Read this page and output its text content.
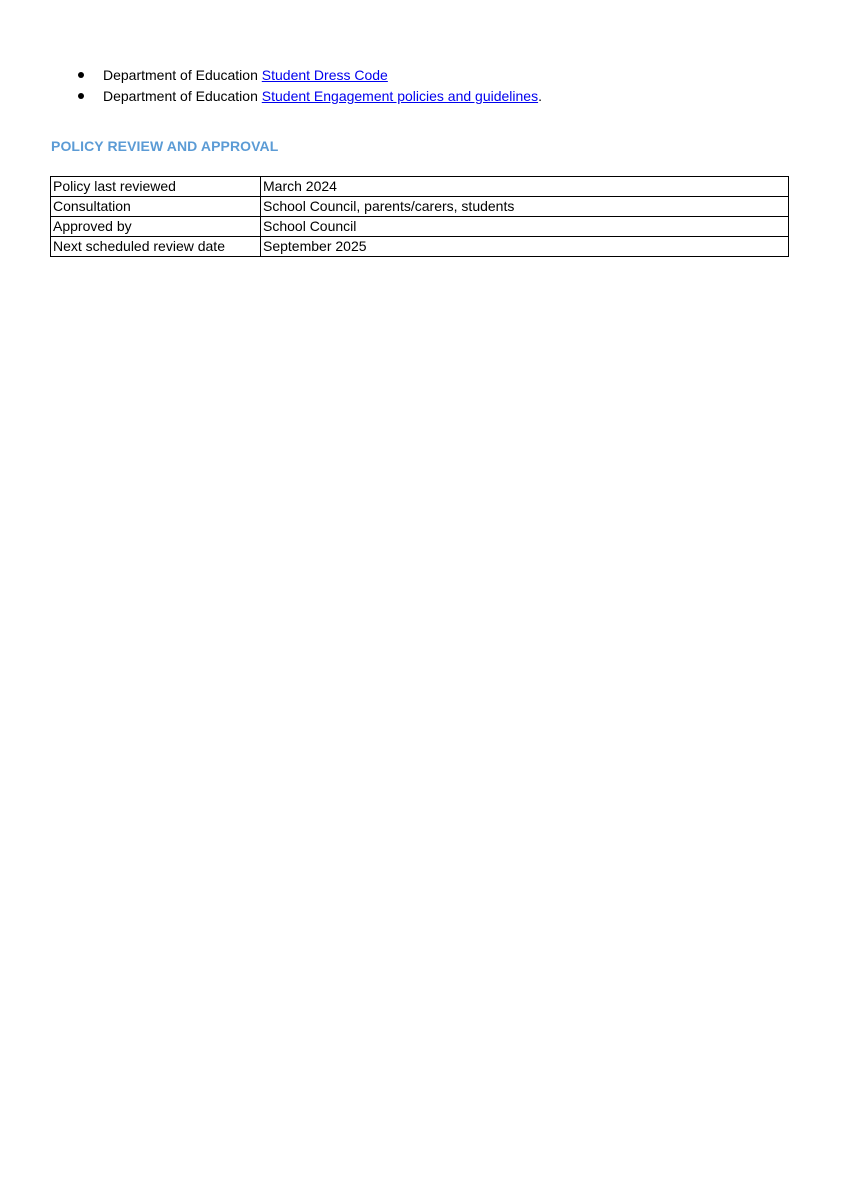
Department of Education Student Dress Code
Department of Education Student Engagement policies and guidelines.
POLICY REVIEW AND APPROVAL
Policy last reviewed	March 2024
Consultation	School Council, parents/carers, students
Approved by	School Council
Next scheduled review date	September 2025
